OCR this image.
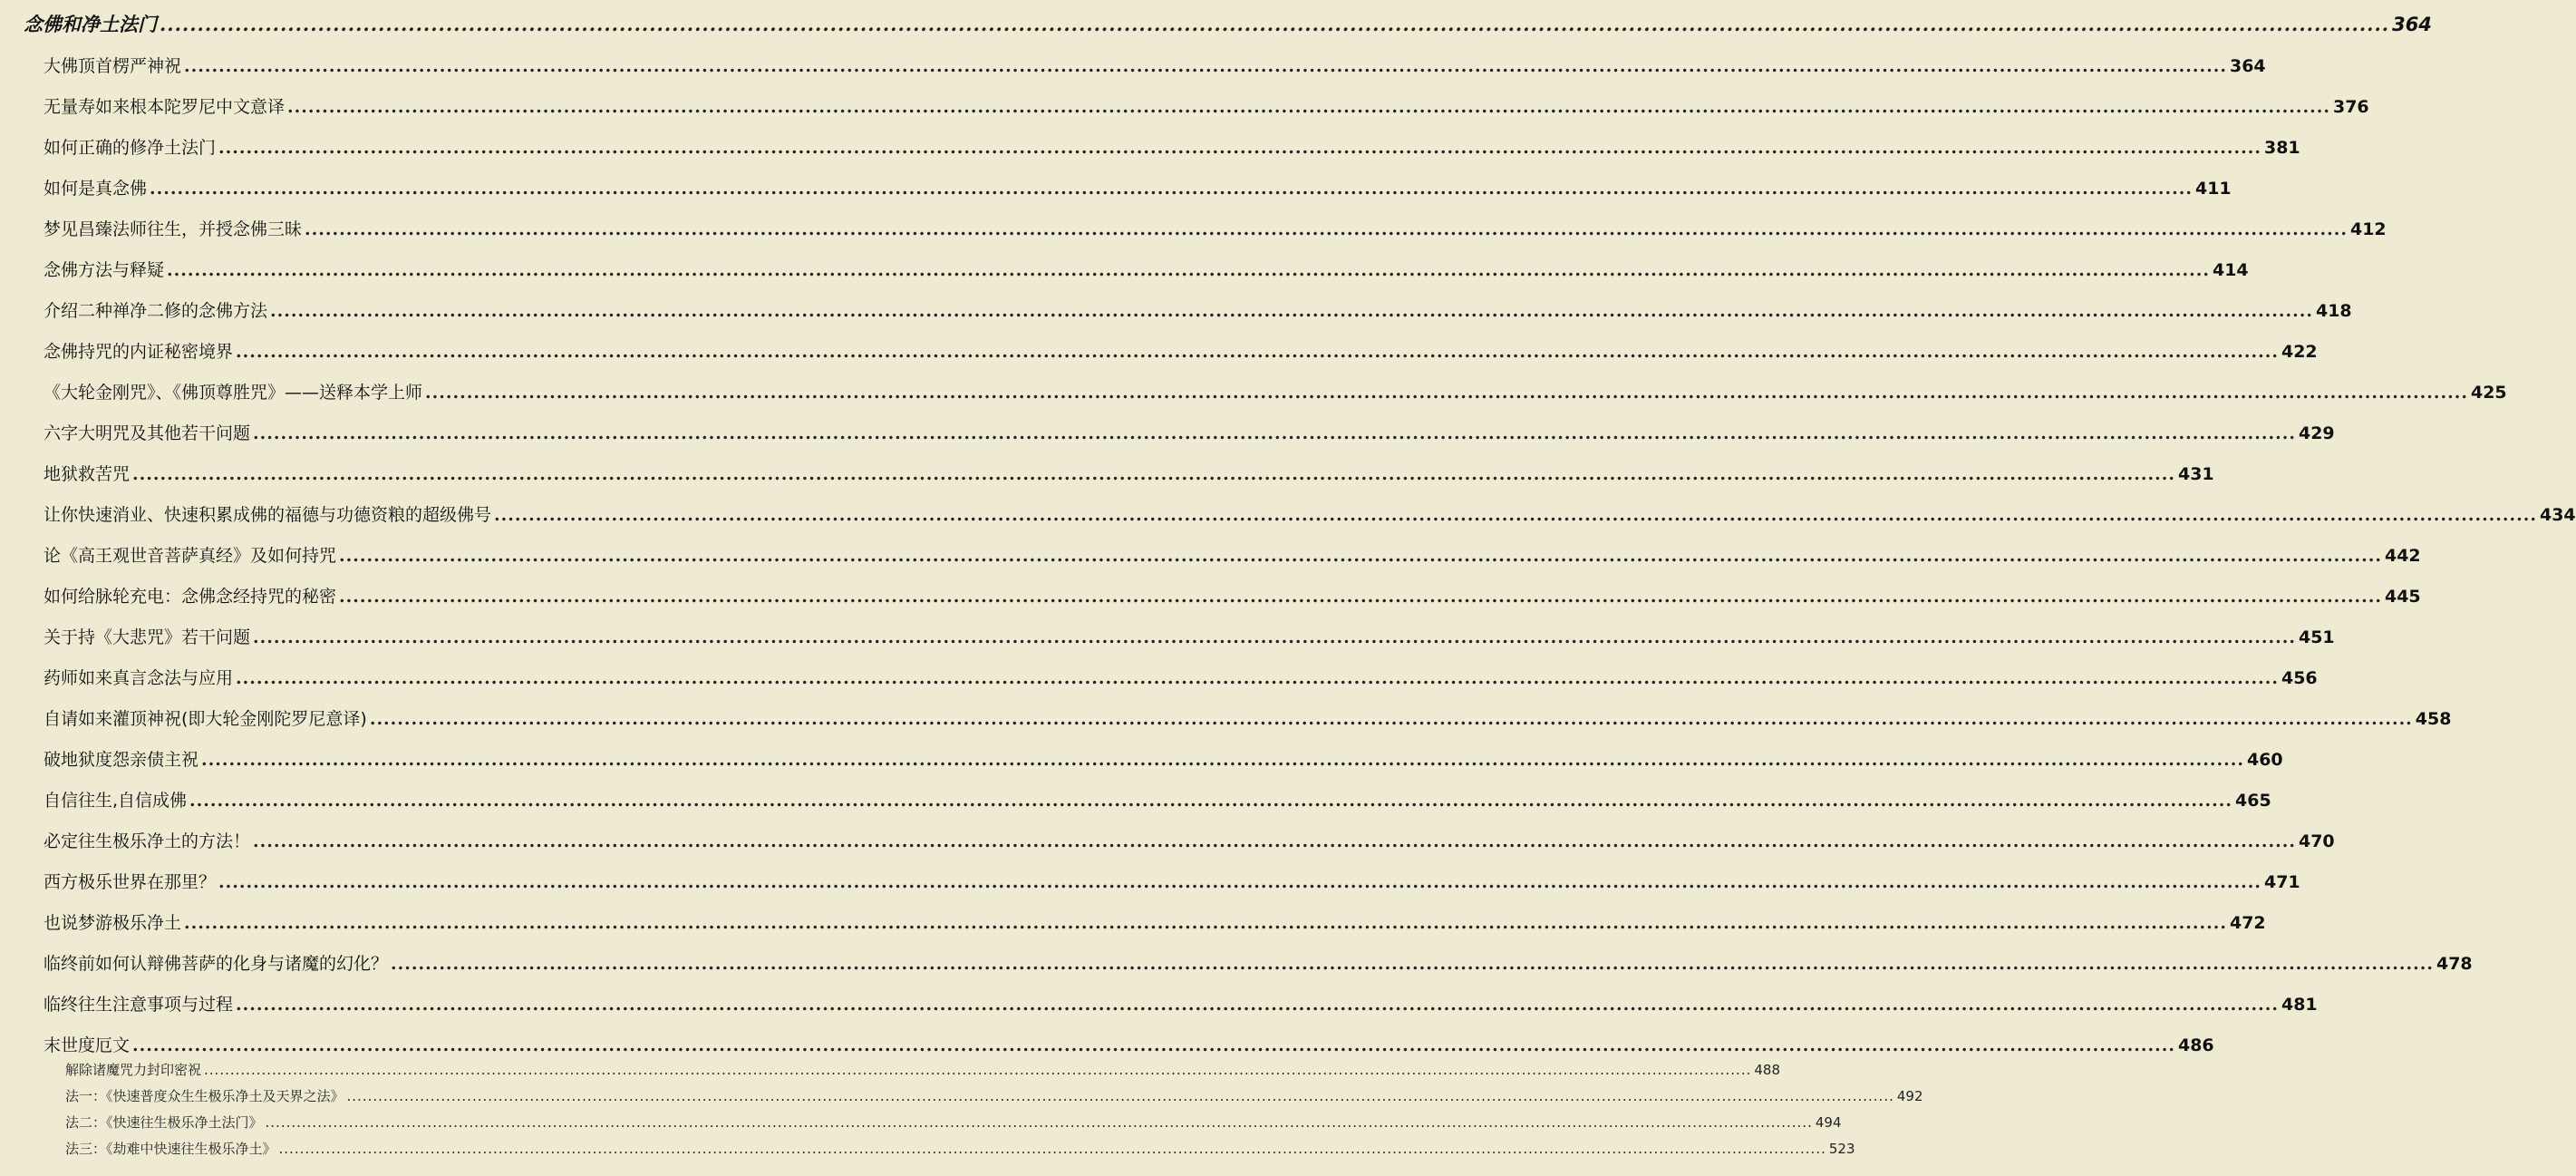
念佛和净土法门 ........................................................................................................................................................................................................................................................................................................ 364
大佛顶首楞严神祝 ........................................................................................................................................................................................................................................................................................................ 364
无量寿如来根本陀罗尼中文意译 ........................................................................................................................................................................................................................................................................................................ 376
如何正确的修净土法门 ........................................................................................................................................................................................................................................................................................................ 381
如何是真念佛 ........................................................................................................................................................................................................................................................................................................ 411
梦见昌臻法师往生，并授念佛三昧 ........................................................................................................................................................................................................................................................................................................ 412
念佛方法与释疑 ........................................................................................................................................................................................................................................................................................................ 414
介绍二种禅净二修的念佛方法 ........................................................................................................................................................................................................................................................................................................ 418
念佛持咒的内证秘密境界 ........................................................................................................................................................................................................................................................................................................ 422
《大轮金刚咒》、《佛顶尊胜咒》——送释本学上师 ........................................................................................................................................................................................................................................................................................................ 425
六字大明咒及其他若干问题 ........................................................................................................................................................................................................................................................................................................ 429
地狱救苦咒 ........................................................................................................................................................................................................................................................................................................ 431
让你快速消业、快速积累成佛的福德与功德资粮的超级佛号 ........................................................................................................................................................................................................................................................................................................ 434
论《高王观世音菩萨真经》及如何持咒 ........................................................................................................................................................................................................................................................................................................ 442
如何给脉轮充电：念佛念经持咒的秘密 ........................................................................................................................................................................................................................................................................................................ 445
关于持《大悲咒》若干问题 ........................................................................................................................................................................................................................................................................................................ 451
药师如来真言念法与应用 ........................................................................................................................................................................................................................................................................................................ 456
自请如来灌顶神祝(即大轮金刚陀罗尼意译) ........................................................................................................................................................................................................................................................................................................ 458
破地狱度怨亲债主祝 ........................................................................................................................................................................................................................................................................................................ 460
自信往生,自信成佛 ........................................................................................................................................................................................................................................................................................................ 465
必定往生极乐净土的方法！ ........................................................................................................................................................................................................................................................................................................ 470
西方极乐世界在那里？ ........................................................................................................................................................................................................................................................................................................ 471
也说梦游极乐净土 ........................................................................................................................................................................................................................................................................................................ 472
临终前如何认辩佛菩萨的化身与诸魔的幻化？ ........................................................................................................................................................................................................................................................................................................ 478
临终往生注意事项与过程 ........................................................................................................................................................................................................................................................................................................ 481
末世度厄文 ........................................................................................................................................................................................................................................................................................................ 486
解除诸魔咒力封印密祝 ........................................................................................................................................................................................................................................................................................................ 488
法一：《快速普度众生生极乐净土及天界之法》 ........................................................................................................................................................................................................................................................................................................ 492
法二：《快速往生极乐净土法门》 ........................................................................................................................................................................................................................................................................................................ 494
法三：《劫难中快速往生极乐净土》 ........................................................................................................................................................................................................................................................................................................ 523
